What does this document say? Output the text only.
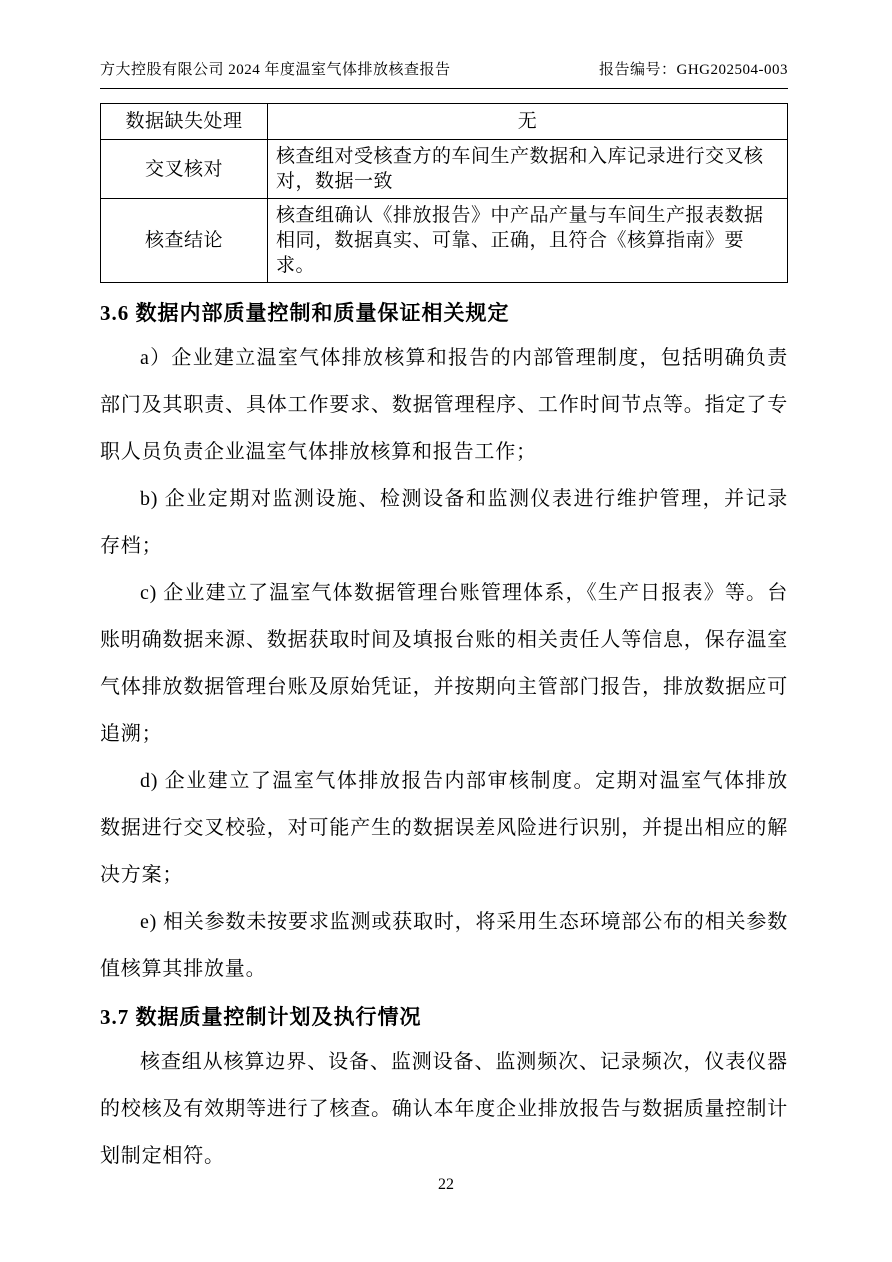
方大控股有限公司 2024 年度温室气体排放核查报告	报告编号：GHG202504-003
数据缺失处理	无
交叉核对	核查组对受核查方的车间生产数据和入库记录进行交叉核对，数据一致
核查结论	核查组确认《排放报告》中产品产量与车间生产报表数据相同，数据真实、可靠、正确，且符合《核算指南》要求。
3.6 数据内部质量控制和质量保证相关规定

a）企业建立温室气体排放核算和报告的内部管理制度，包括明确负责部门及其职责、具体工作要求、数据管理程序、工作时间节点等。指定了专职人员负责企业温室气体排放核算和报告工作；

b) 企业定期对监测设施、检测设备和监测仪表进行维护管理，并记录存档；

c) 企业建立了温室气体数据管理台账管理体系，《生产日报表》等。台账明确数据来源、数据获取时间及填报台账的相关责任人等信息，保存温室气体排放数据管理台账及原始凭证，并按期向主管部门报告，排放数据应可追溯；

d) 企业建立了温室气体排放报告内部审核制度。定期对温室气体排放数据进行交叉校验，对可能产生的数据误差风险进行识别，并提出相应的解决方案；

e) 相关参数未按要求监测或获取时，将采用生态环境部公布的相关参数值核算其排放量。

3.7 数据质量控制计划及执行情况

核查组从核算边界、设备、监测设备、监测频次、记录频次，仪表仪器的校核及有效期等进行了核查。确认本年度企业排放报告与数据质量控制计划制定相符。

22
